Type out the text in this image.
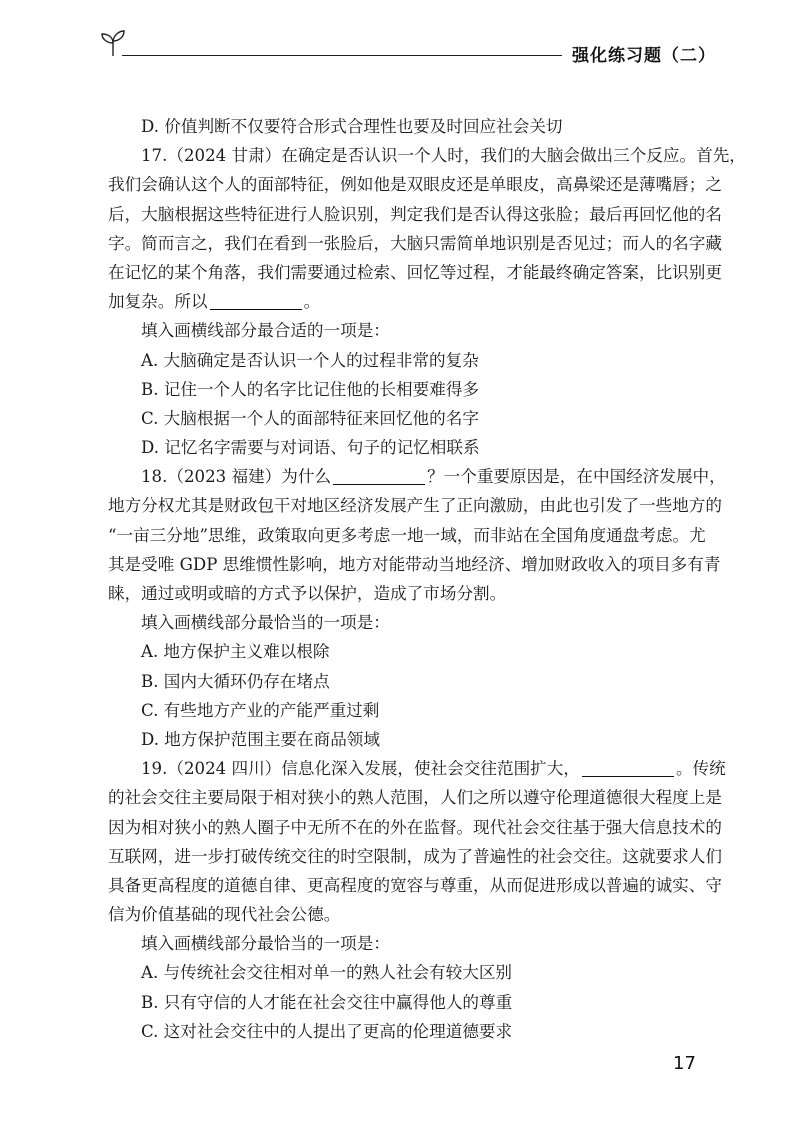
强化练习题（二）
D. 价值判断不仅要符合形式合理性也要及时回应社会关切
17.（2024 甘肃）在确定是否认识一个人时，我们的大脑会做出三个反应。首先，
我们会确认这个人的面部特征，例如他是双眼皮还是单眼皮，高鼻梁还是薄嘴唇；之
后，大脑根据这些特征进行人脸识别，判定我们是否认得这张脸；最后再回忆他的名
字。简而言之，我们在看到一张脸后，大脑只需简单地识别是否见过；而人的名字藏
在记忆的某个角落，我们需要通过检索、回忆等过程，才能最终确定答案，比识别更
加复杂。所以	。
填入画横线部分最合适的一项是：
A. 大脑确定是否认识一个人的过程非常的复杂
B. 记住一个人的名字比记住他的长相要难得多
C. 大脑根据一个人的面部特征来回忆他的名字
D. 记忆名字需要与对词语、句子的记忆相联系
18.（2023 福建）为什么	？一个重要原因是，在中国经济发展中，
地方分权尤其是财政包干对地区经济发展产生了正向激励，由此也引发了一些地方的
“一亩三分地”思维，政策取向更多考虑一地一域，而非站在全国角度通盘考虑。尤
其是受唯 GDP 思维惯性影响，地方对能带动当地经济、增加财政收入的项目多有青
睐，通过或明或暗的方式予以保护，造成了市场分割。
填入画横线部分最恰当的一项是：
A. 地方保护主义难以根除
B. 国内大循环仍存在堵点
C. 有些地方产业的产能严重过剩
D. 地方保护范围主要在商品领域
19.（2024 四川）信息化深入发展，使社会交往范围扩大，	。传统
的社会交往主要局限于相对狭小的熟人范围，人们之所以遵守伦理道德很大程度上是
因为相对狭小的熟人圈子中无所不在的外在监督。现代社会交往基于强大信息技术的
互联网，进一步打破传统交往的时空限制，成为了普遍性的社会交往。这就要求人们
具备更高程度的道德自律、更高程度的宽容与尊重，从而促进形成以普遍的诚实、守
信为价值基础的现代社会公德。
填入画横线部分最恰当的一项是：
A. 与传统社会交往相对单一的熟人社会有较大区别
B. 只有守信的人才能在社会交往中赢得他人的尊重
C. 这对社会交往中的人提出了更高的伦理道德要求
17
